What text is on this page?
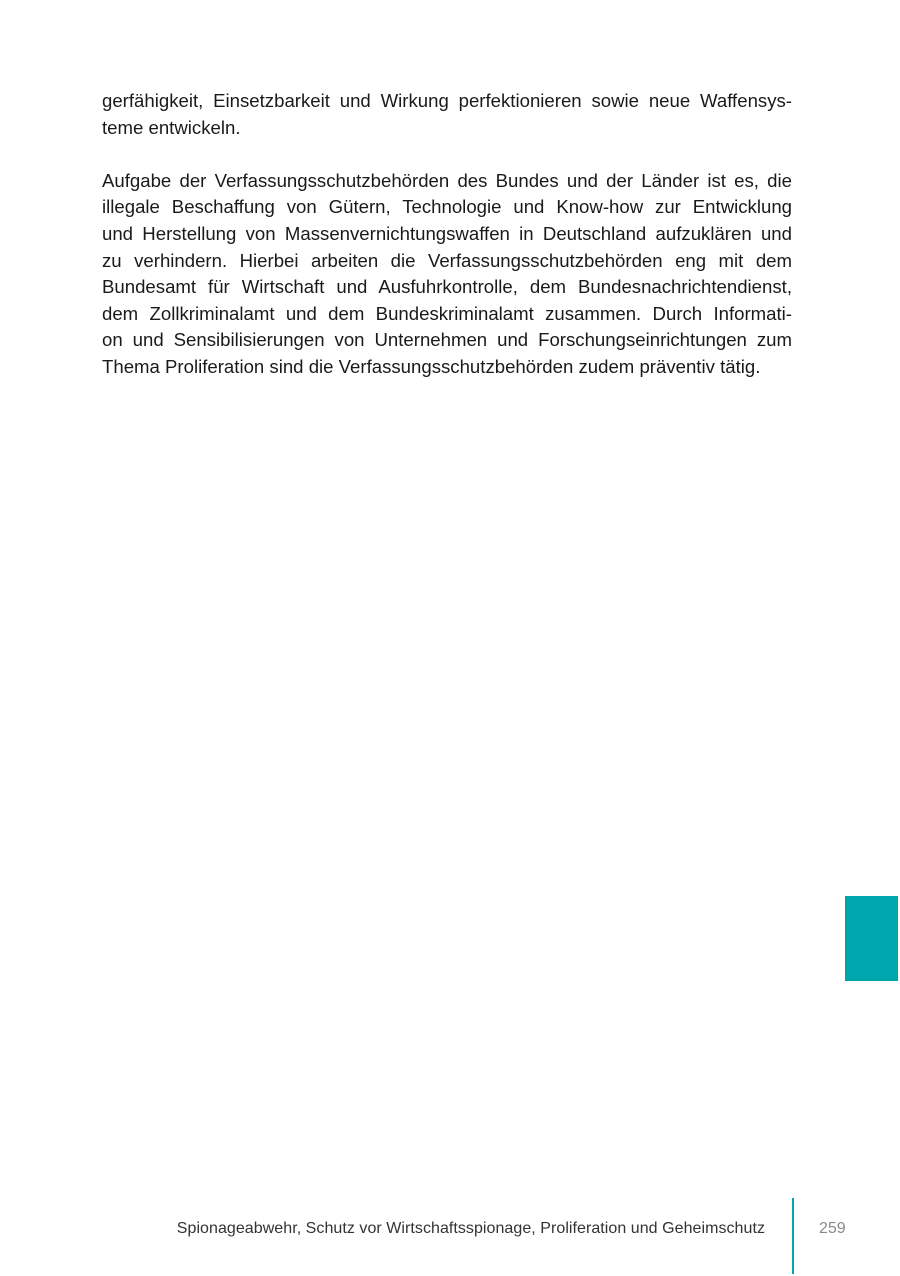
gerfähigkeit, Einsetzbarkeit und Wirkung perfektionieren sowie neue Waffensys-
teme entwickeln.

Aufgabe der Verfassungsschutzbehörden des Bundes und der Länder ist es, die
illegale Beschaffung von Gütern, Technologie und Know-how zur Entwicklung
und Herstellung von Massenvernichtungswaffen in Deutschland aufzuklären und
zu verhindern. Hierbei arbeiten die Verfassungsschutzbehörden eng mit dem
Bundesamt für Wirtschaft und Ausfuhrkontrolle, dem Bundesnachrichtendienst,
dem Zollkriminalamt und dem Bundeskriminalamt zusammen. Durch Informati-
on und Sensibilisierungen von Unternehmen und Forschungseinrichtungen zum
Thema Proliferation sind die Verfassungsschutzbehörden zudem präventiv tätig.

Spionageabwehr, Schutz vor Wirtschaftsspionage, Proliferation und Geheimschutz	259
